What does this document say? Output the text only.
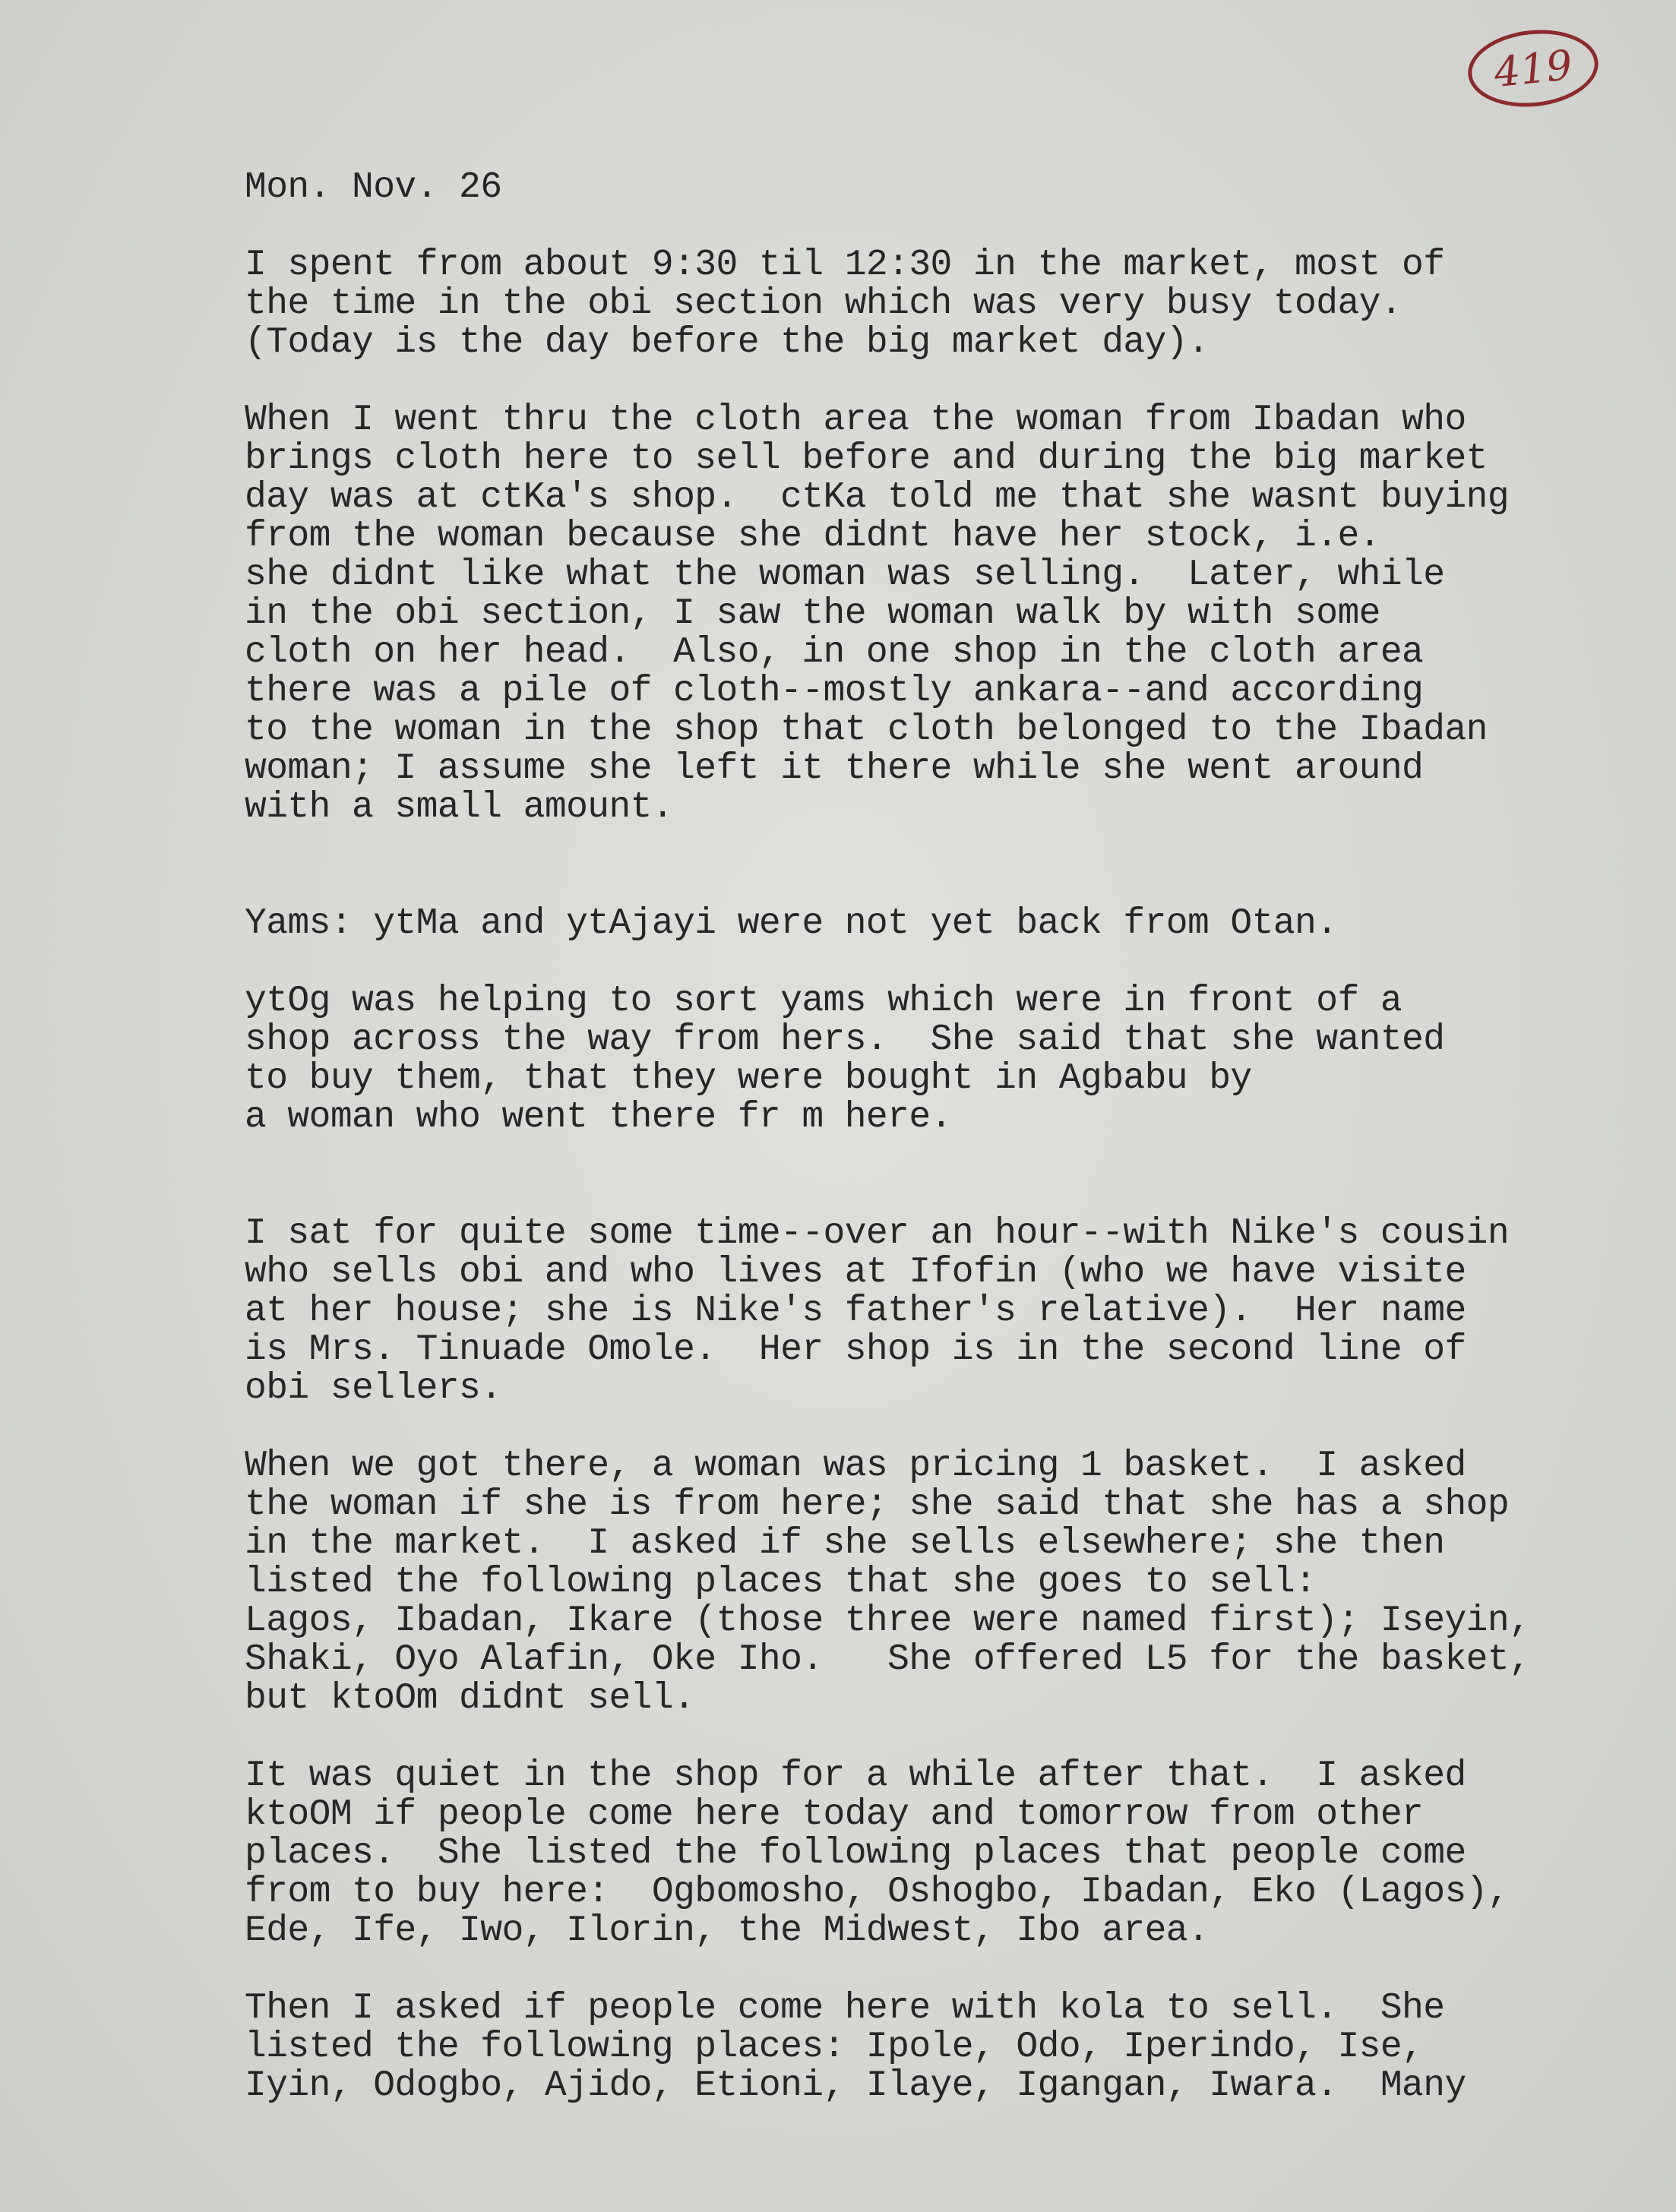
419
Mon. Nov. 26
I spent from about 9:30 til 12:30 in the market, most of
the time in the obi section which was very busy today.
(Today is the day before the big market day).
When I went thru the cloth area the woman from Ibadan who
brings cloth here to sell before and during the big market
day was at ctKa's shop.  ctKa told me that she wasnt buying
from the woman because she didnt have her stock, i.e.
she didnt like what the woman was selling.  Later, while
in the obi section, I saw the woman walk by with some
cloth on her head.  Also, in one shop in the cloth area
there was a pile of cloth--mostly ankara--and according
to the woman in the shop that cloth belonged to the Ibadan
woman; I assume she left it there while she went around
with a small amount.
Yams: ytMa and ytAjayi were not yet back from Otan.
ytOg was helping to sort yams which were in front of a
shop across the way from hers.  She said that she wanted
to buy them, that they were bought in Agbabu by
a woman who went there fr m here.
I sat for quite some time--over an hour--with Nike's cousin
who sells obi and who lives at Ifofin (who we have visite
at her house; she is Nike's father's relative).  Her name
is Mrs. Tinuade Omole.  Her shop is in the second line of
obi sellers.
When we got there, a woman was pricing 1 basket.  I asked
the woman if she is from here; she said that she has a shop
in the market.  I asked if she sells elsewhere; she then
listed the following places that she goes to sell:
Lagos, Ibadan, Ikare (those three were named first); Iseyin,
Shaki, Oyo Alafin, Oke Iho.   She offered L5 for the basket,
but ktoOm didnt sell.
It was quiet in the shop for a while after that.  I asked
ktoOM if people come here today and tomorrow from other
places.  She listed the following places that people come
from to buy here:  Ogbomosho, Oshogbo, Ibadan, Eko (Lagos),
Ede, Ife, Iwo, Ilorin, the Midwest, Ibo area.
Then I asked if people come here with kola to sell.  She
listed the following places: Ipole, Odo, Iperindo, Ise,
Iyin, Odogbo, Ajido, Etioni, Ilaye, Igangan, Iwara.  Many
